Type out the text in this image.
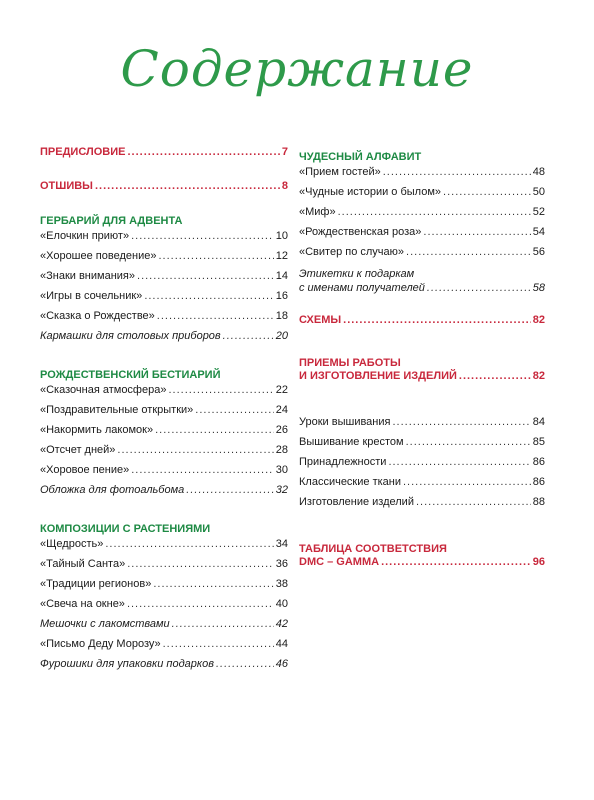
Содержание
ПРЕДИСЛОВИЕ .....	7
ОТШИВЫ .....	8
ГЕРБАРИЙ ДЛЯ АДВЕНТА
«Елочкин приют» .....	10
«Хорошее поведение» .....	12
«Знаки внимания» .....	14
«Игры в сочельник» .....	16
«Сказка о Рождестве» .....	18
Кармашки для столовых приборов .....	20
РОЖДЕСТВЕНСКИЙ БЕСТИАРИЙ
«Сказочная атмосфера» .....	22
«Поздравительные открытки» .....	24
«Накормить лакомок» .....	26
«Отсчет дней» .....	28
«Хоровое пение» .....	30
Обложка для фотоальбома .....	32
КОМПОЗИЦИИ С РАСТЕНИЯМИ
«Щедрость» .....	34
«Тайный Санта» .....	36
«Традиции регионов» .....	38
«Свеча на окне» .....	40
Мешочки с лакомствами .....	42
«Письмо Деду Морозу» .....	44
Фурошики для упаковки подарков .....	46
ЧУДЕСНЫЙ АЛФАВИТ
«Прием гостей» .....	48
«Чудные истории о былом» .....	50
«Миф» .....	52
«Рождественская роза» .....	54
«Свитер по случаю» .....	56
Этикетки к подаркам
с именами получателей .....	58
СХЕМЫ .....	82
ПРИЕМЫ РАБОТЫ
И ИЗГОТОВЛЕНИЕ ИЗДЕЛИЙ .....	82
Уроки вышивания .....	84
Вышивание крестом .....	85
Принадлежности .....	86
Классические ткани .....	86
Изготовление изделий .....	88
ТАБЛИЦА СООТВЕТСТВИЯ
DMC – GAMMA .....	96
